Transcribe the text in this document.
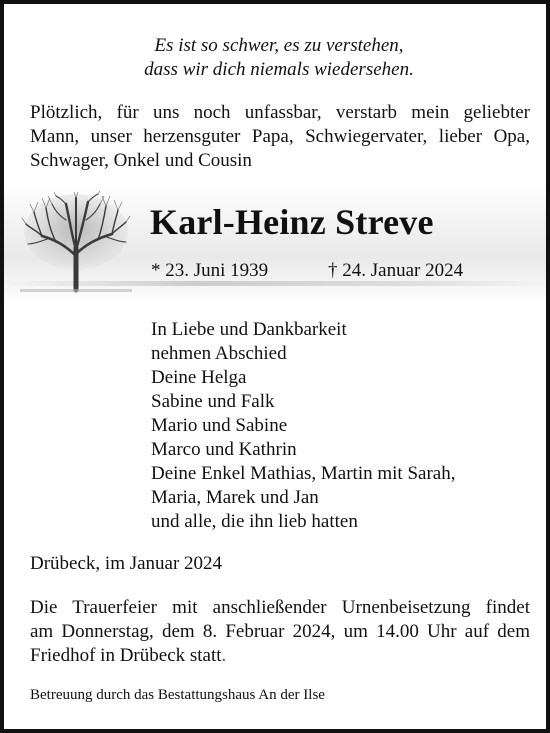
Es ist so schwer, es zu verstehen,
dass wir dich niemals wiedersehen.
Plötzlich, für uns noch unfassbar, verstarb mein geliebter
Mann, unser herzensguter Papa, Schwiegervater, lieber Opa,
Schwager, Onkel und Cousin
Karl-Heinz Streve
* 23. Juni 1939	† 24. Januar 2024
In Liebe und Dankbarkeit
nehmen Abschied
Deine Helga
Sabine und Falk
Mario und Sabine
Marco und Kathrin
Deine Enkel Mathias, Martin mit Sarah,
Maria, Marek und Jan
und alle, die ihn lieb hatten
Drübeck, im Januar 2024
Die Trauerfeier mit anschließender Urnenbeisetzung findet
am Donnerstag, dem 8. Februar 2024, um 14.00 Uhr auf dem
Friedhof in Drübeck statt.
Betreuung durch das Bestattungshaus An der Ilse
